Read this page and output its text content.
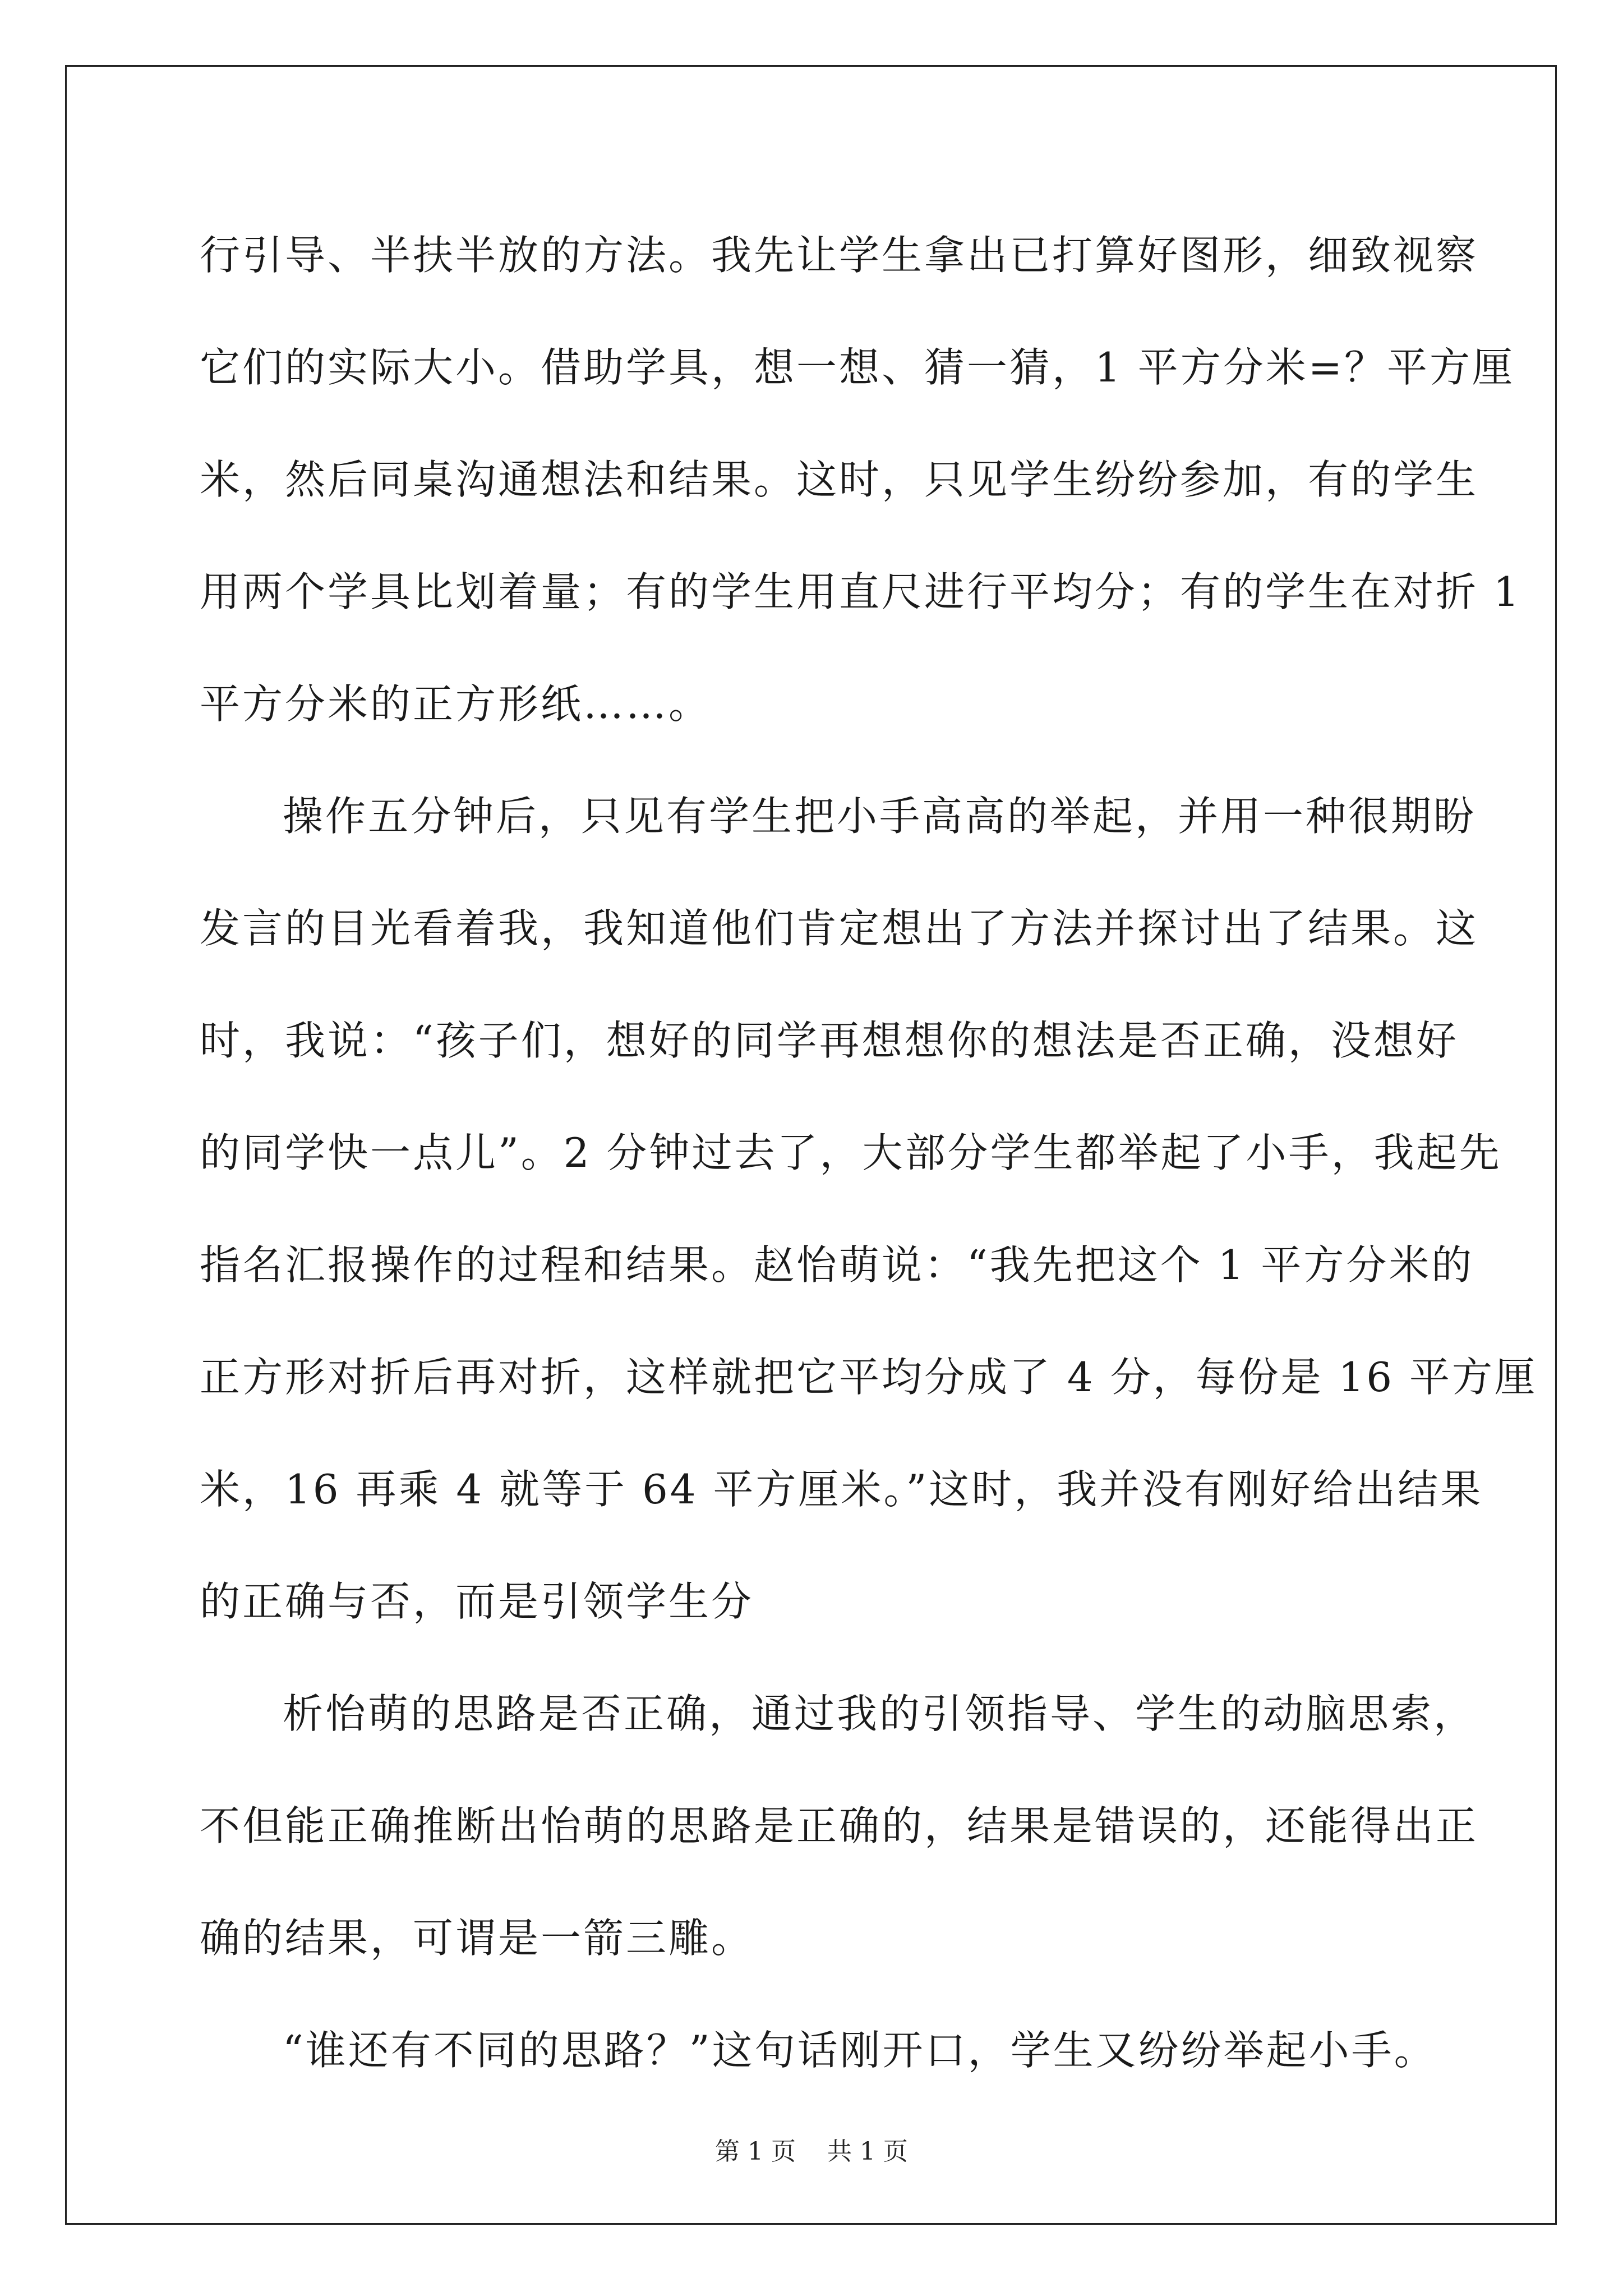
行引导、半扶半放的方法。我先让学生拿出已打算好图形，细致视察
它们的实际大小。借助学具，想一想、猜一猜，1 平方分米=？平方厘
米，然后同桌沟通想法和结果。这时，只见学生纷纷参加，有的学生
用两个学具比划着量；有的学生用直尺进行平均分；有的学生在对折 1
平方分米的正方形纸……。
操作五分钟后，只见有学生把小手高高的举起，并用一种很期盼
发言的目光看着我，我知道他们肯定想出了方法并探讨出了结果。这
时，我说：“孩子们，想好的同学再想想你的想法是否正确，没想好
的同学快一点儿”。2 分钟过去了，大部分学生都举起了小手，我起先
指名汇报操作的过程和结果。赵怡萌说：“我先把这个 1 平方分米的
正方形对折后再对折，这样就把它平均分成了 4 分，每份是 16 平方厘
米，16 再乘 4 就等于 64 平方厘米。”这时，我并没有刚好给出结果
的正确与否，而是引领学生分
析怡萌的思路是否正确，通过我的引领指导、学生的动脑思索，
不但能正确推断出怡萌的思路是正确的，结果是错误的，还能得出正
确的结果，可谓是一箭三雕。
“谁还有不同的思路？”这句话刚开口，学生又纷纷举起小手。
第 1 页    共 1 页
